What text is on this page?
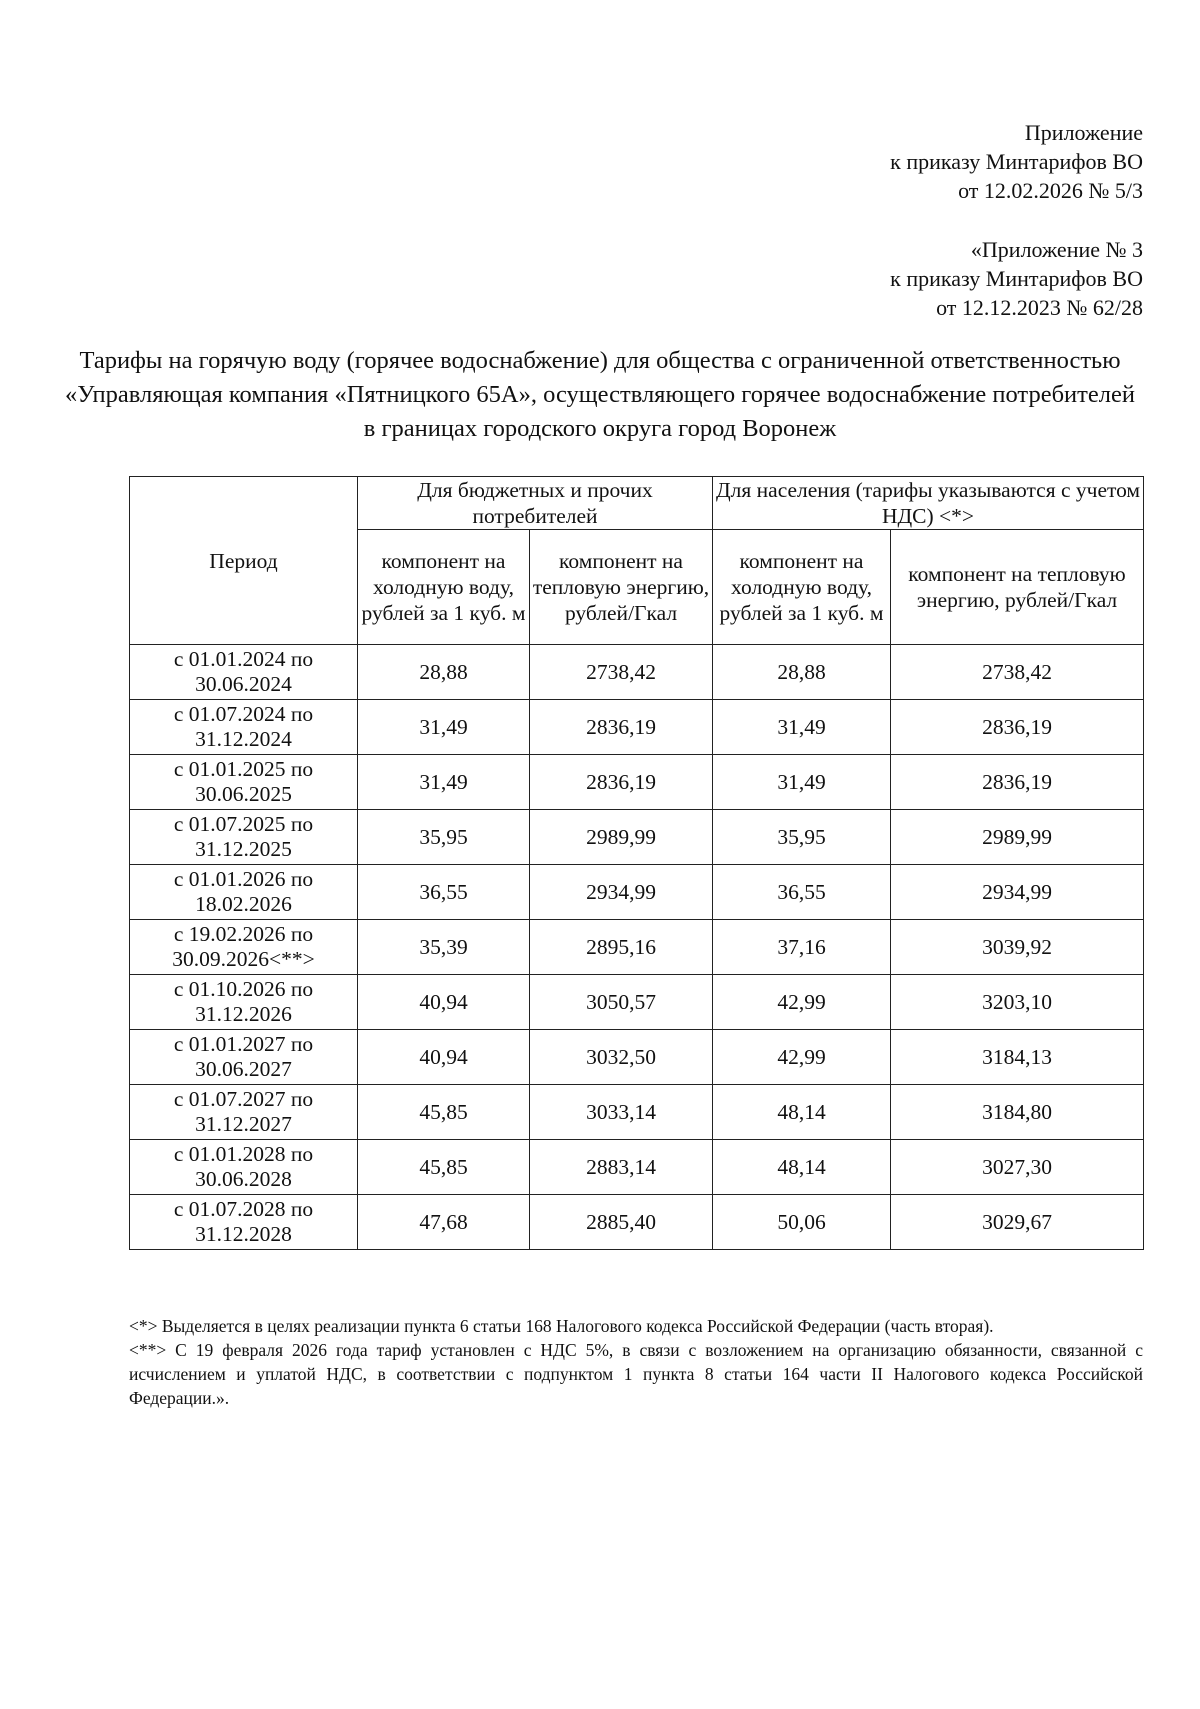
Приложение
к приказу Минтарифов ВО
от 12.02.2026 № 5/3
«Приложение № 3
к приказу Минтарифов ВО
от 12.12.2023 № 62/28
Тарифы на горячую воду (горячее водоснабжение) для общества с ограниченной ответственностью «Управляющая компания «Пятницкого 65А», осуществляющего горячее водоснабжение потребителей в границах городского округа город Воронеж
Период	Для бюджетных и прочих потребителей		Для населения (тарифы указываются с учетом НДС) <*>	
	компонент на холодную воду, рублей за 1 куб. м	компонент на тепловую энергию, рублей/Гкал	компонент на холодную воду, рублей за 1 куб. м	компонент на тепловую энергию, рублей/Гкал
с 01.01.2024 по 30.06.2024	28,88	2738,42	28,88	2738,42
с 01.07.2024 по 31.12.2024	31,49	2836,19	31,49	2836,19
с 01.01.2025 по 30.06.2025	31,49	2836,19	31,49	2836,19
с 01.07.2025 по 31.12.2025	35,95	2989,99	35,95	2989,99
с 01.01.2026 по 18.02.2026	36,55	2934,99	36,55	2934,99
с 19.02.2026 по 30.09.2026<**>	35,39	2895,16	37,16	3039,92
с 01.10.2026 по 31.12.2026	40,94	3050,57	42,99	3203,10
с 01.01.2027 по 30.06.2027	40,94	3032,50	42,99	3184,13
с 01.07.2027 по 31.12.2027	45,85	3033,14	48,14	3184,80
с 01.01.2028 по 30.06.2028	45,85	2883,14	48,14	3027,30
с 01.07.2028 по 31.12.2028	47,68	2885,40	50,06	3029,67

<*> Выделяется в целях реализации пункта 6 статьи 168 Налогового кодекса Российской Федерации (часть вторая).

<**> С 19 февраля 2026 года тариф установлен с НДС 5%, в связи с возложением на организацию обязанности, связанной с исчислением и уплатой НДС, в соответствии с подпунктом 1 пункта 8 статьи 164 части II Налогового кодекса Российской Федерации.».
